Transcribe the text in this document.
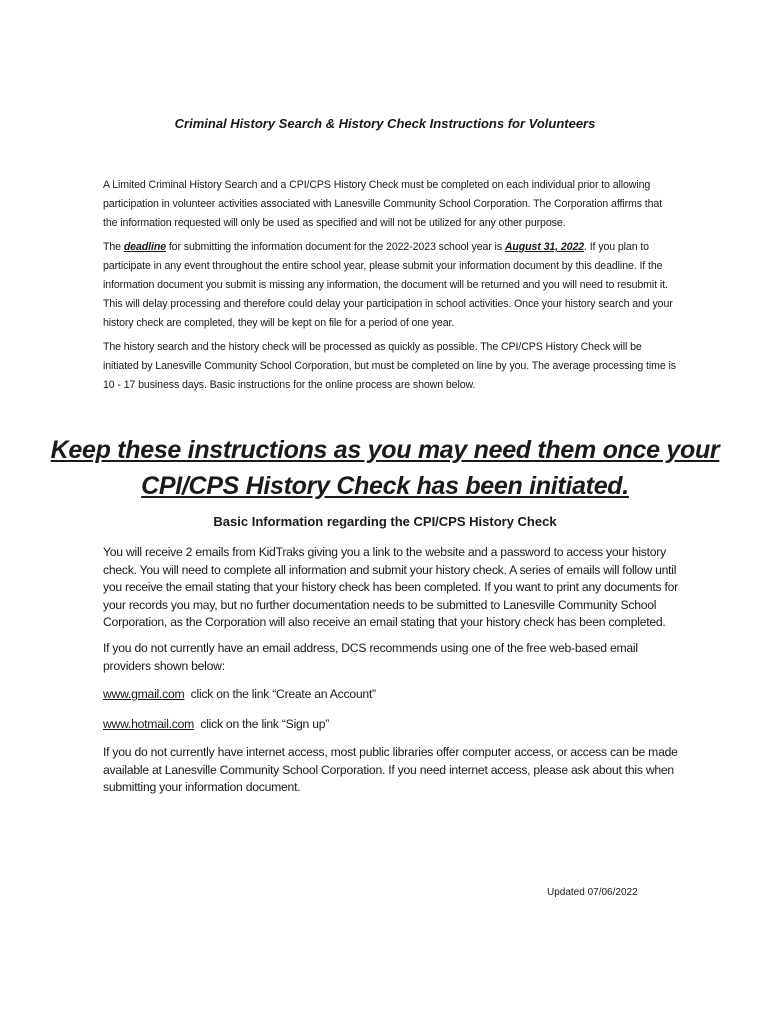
Criminal History Search & History Check Instructions for Volunteers
A Limited Criminal History Search and a CPI/CPS History Check must be completed on each individual prior to allowing participation in volunteer activities associated with Lanesville Community School Corporation. The Corporation affirms that the information requested will only be used as specified and will not be utilized for any other purpose.
The deadline for submitting the information document for the 2022-2023 school year is August 31, 2022. If you plan to participate in any event throughout the entire school year, please submit your information document by this deadline. If the information document you submit is missing any information, the document will be returned and you will need to resubmit it. This will delay processing and therefore could delay your participation in school activities. Once your history search and your history check are completed, they will be kept on file for a period of one year.
The history search and the history check will be processed as quickly as possible. The CPI/CPS History Check will be initiated by Lanesville Community School Corporation, but must be completed on line by you. The average processing time is 10 - 17 business days. Basic instructions for the online process are shown below.
Keep these instructions as you may need them once your
CPI/CPS History Check has been initiated.
Basic Information regarding the CPI/CPS History Check
You will receive 2 emails from KidTraks giving you a link to the website and a password to access your history check. You will need to complete all information and submit your history check. A series of emails will follow until you receive the email stating that your history check has been completed. If you want to print any documents for your records you may, but no further documentation needs to be submitted to Lanesville Community School Corporation, as the Corporation will also receive an email stating that your history check has been completed.
If you do not currently have an email address, DCS recommends using one of the free web-based email providers shown below:
www.gmail.com  click on the link “Create an Account”
www.hotmail.com  click on the link “Sign up”
If you do not currently have internet access, most public libraries offer computer access, or access can be made available at Lanesville Community School Corporation. If you need internet access, please ask about this when submitting your information document.
Updated 07/06/2022
